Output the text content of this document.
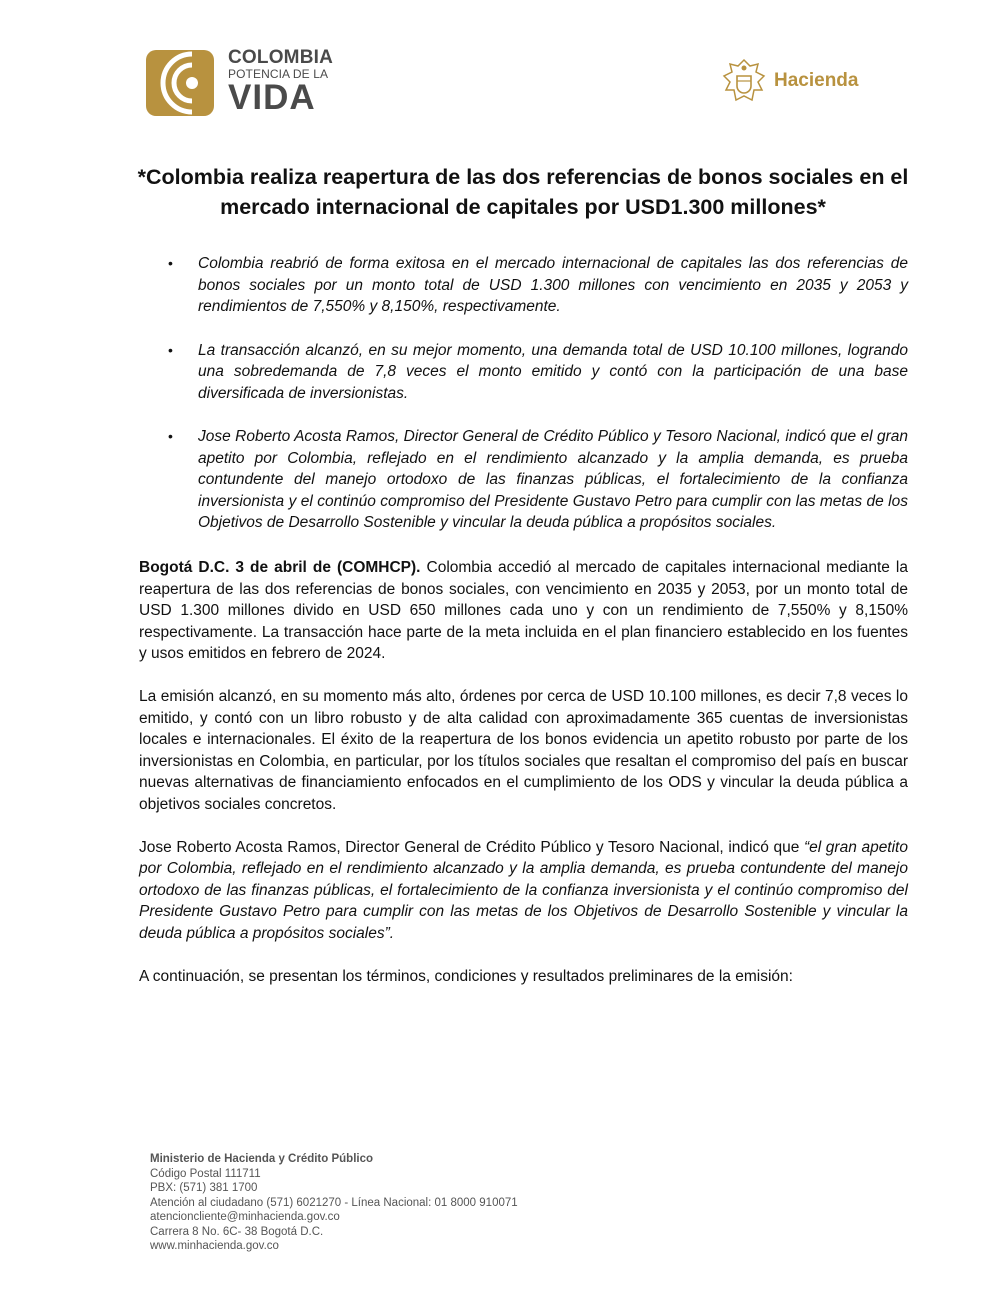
COLOMBIA
POTENCIA DE LA
VIDA	Hacienda
*Colombia realiza reapertura de las dos referencias de bonos sociales en el mercado internacional de capitales por USD1.300 millones*
• Colombia reabrió de forma exitosa en el mercado internacional de capitales las dos referencias de bonos sociales por un monto total de USD 1.300 millones con vencimiento en 2035 y 2053 y rendimientos de 7,550% y 8,150%, respectivamente.
• La transacción alcanzó, en su mejor momento, una demanda total de USD 10.100 millones, logrando una sobredemanda de 7,8 veces el monto emitido y contó con la participación de una base diversificada de inversionistas.
• Jose Roberto Acosta Ramos, Director General de Crédito Público y Tesoro Nacional, indicó que el gran apetito por Colombia, reflejado en el rendimiento alcanzado y la amplia demanda, es prueba contundente del manejo ortodoxo de las finanzas públicas, el fortalecimiento de la confianza inversionista y el continúo compromiso del Presidente Gustavo Petro para cumplir con las metas de los Objetivos de Desarrollo Sostenible y vincular la deuda pública a propósitos sociales.

Bogotá D.C. 3 de abril de (COMHCP). Colombia accedió al mercado de capitales internacional mediante la reapertura de las dos referencias de bonos sociales, con vencimiento en 2035 y 2053, por un monto total de USD 1.300 millones divido en USD 650 millones cada uno y con un rendimiento de 7,550% y 8,150% respectivamente. La transacción hace parte de la meta incluida en el plan financiero establecido en los fuentes y usos emitidos en febrero de 2024.

La emisión alcanzó, en su momento más alto, órdenes por cerca de USD 10.100 millones, es decir 7,8 veces lo emitido, y contó con un libro robusto y de alta calidad con aproximadamente 365 cuentas de inversionistas locales e internacionales. El éxito de la reapertura de los bonos evidencia un apetito robusto por parte de los inversionistas en Colombia, en particular, por los títulos sociales que resaltan el compromiso del país en buscar nuevas alternativas de financiamiento enfocados en el cumplimiento de los ODS y vincular la deuda pública a objetivos sociales concretos.

Jose Roberto Acosta Ramos, Director General de Crédito Público y Tesoro Nacional, indicó que “el gran apetito por Colombia, reflejado en el rendimiento alcanzado y la amplia demanda, es prueba contundente del manejo ortodoxo de las finanzas públicas, el fortalecimiento de la confianza inversionista y el continúo compromiso del Presidente Gustavo Petro para cumplir con las metas de los Objetivos de Desarrollo Sostenible y vincular la deuda pública a propósitos sociales”.

A continuación, se presentan los términos, condiciones y resultados preliminares de la emisión:

Ministerio de Hacienda y Crédito Público
Código Postal 111711
PBX: (571) 381 1700
Atención al ciudadano (571) 6021270 - Línea Nacional: 01 8000 910071
atencioncliente@minhacienda.gov.co
Carrera 8 No. 6C- 38 Bogotá D.C.
www.minhacienda.gov.co
